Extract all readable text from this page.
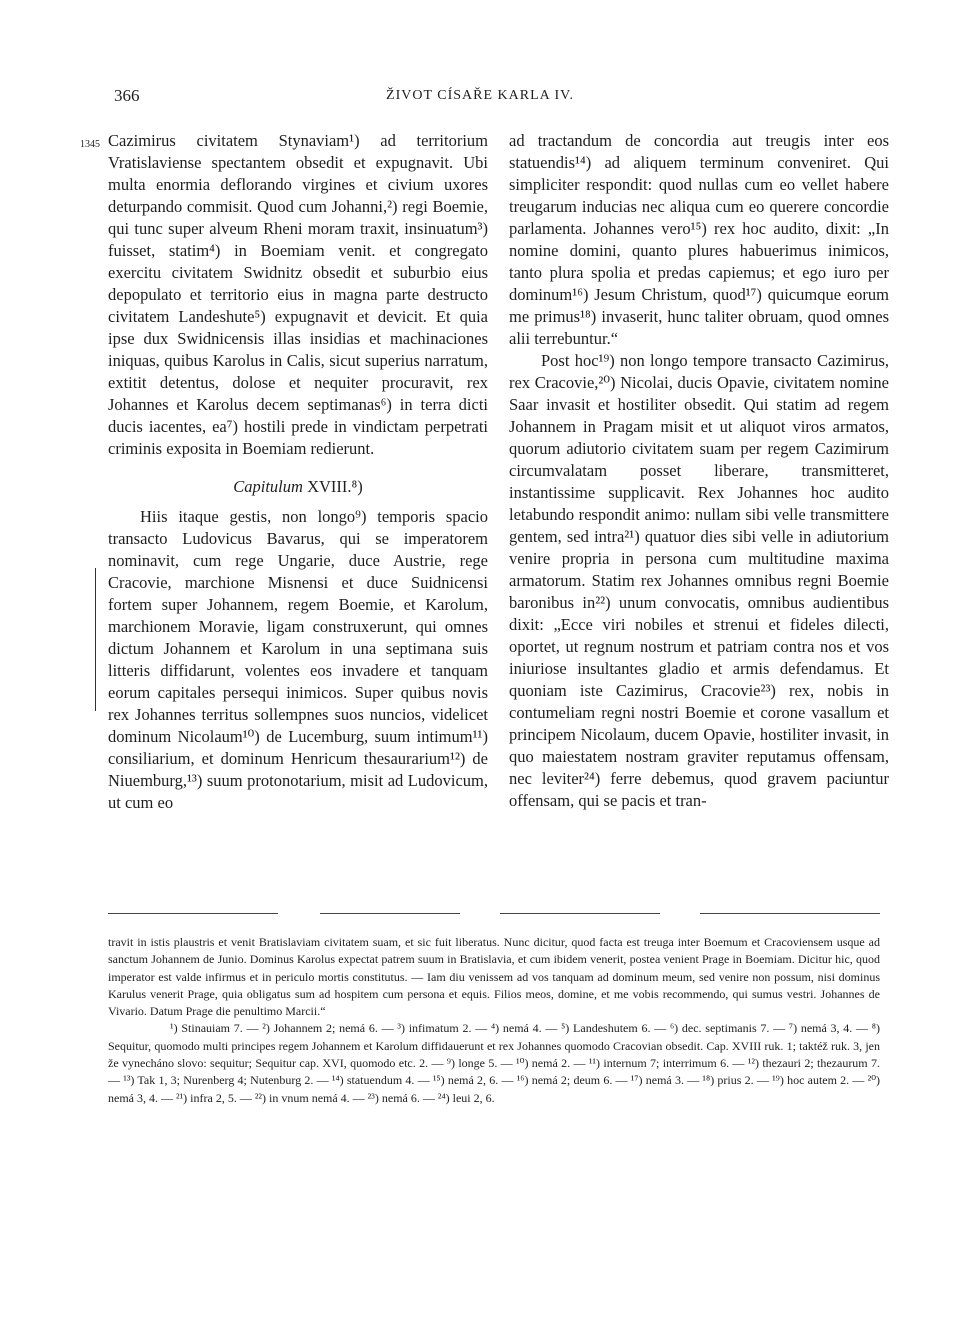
366	ŽIVOT CÍSAŘE KARLA IV.
1345 Cazimirus civitatem Stynaviam¹) ad territorium Vratislaviense spectantem obsedit et expugnavit. Ubi multa enormia deflorando virgines et civium uxores deturpando commisit. Quod cum Johanni,²) regi Boemie, qui tunc super alveum Rheni moram traxit, insinuatum³) fuisset, statim⁴) in Boemiam venit. et congregato exercitu civitatem Swidnitz obsedit et suburbio eius depopulato et territorio eius in magna parte destructo civitatem Landeshute⁵) expugnavit et devicit. Et quia ipse dux Swidnicensis illas insidias et machinaciones iniquas, quibus Karolus in Calis, sicut superius narratum, extitit detentus, dolose et nequiter procuravit, rex Johannes et Karolus decem septimanas⁶) in terra dicti ducis iacentes, ea⁷) hostili prede in vindictam perpetrati criminis exposita in Boemiam redierunt.

Capitulum XVIII.⁸)

Hiis itaque gestis, non longo⁹) temporis spacio transacto Ludovicus Bavarus, qui se imperatorem nominavit, cum rege Ungarie, duce Austrie, rege Cracovie, marchione Misnensi et duce Suidnicensi fortem super Johannem, regem Boemie, et Karolum, marchionem Moravie, ligam construxerunt, qui omnes dictum Johannem et Karolum in una septimana suis litteris diffidarunt, volentes eos invadere et tanquam eorum capitales persequi inimicos. Super quibus novis rex Johannes territus sollempnes suos nuncios, videlicet dominum Nicolaum¹⁰) de Lucemburg, suum intimum¹¹) consiliarium, et dominum Henricum thesaurarium¹²) de Niuemburg,¹³) suum protonotarium, misit ad Ludovicum, ut cum eo

ad tractandum de concordia aut treugis inter eos statuendis¹⁴) ad aliquem terminum conveniret. Qui simpliciter respondit: quod nullas cum eo vellet habere treugarum inducias nec aliqua cum eo querere concordie parlamenta. Johannes vero¹⁵) rex hoc audito, dixit: „In nomine domini, quanto plures habuerimus inimicos, tanto plura spolia et predas capiemus; et ego iuro per dominum¹⁶) Jesum Christum, quod¹⁷) quicumque eorum me primus¹⁸) invaserit, hunc taliter obruam, quod omnes alii terrebuntur.“

Post hoc¹⁹) non longo tempore transacto Cazimirus, rex Cracovie,²⁰) Nicolai, ducis Opavie, civitatem nomine Saar invasit et hostiliter obsedit. Qui statim ad regem Johannem in Pragam misit et ut aliquot viros armatos, quorum adiutorio civitatem suam per regem Cazimirum circumvalatam posset liberare, transmitteret, instantissime supplicavit. Rex Johannes hoc audito letabundo respondit animo: nullam sibi velle transmittere gentem, sed intra²¹) quatuor dies sibi velle in adiutorium venire propria in persona cum multitudine maxima armatorum. Statim rex Johannes omnibus regni Boemie baronibus in²²) unum convocatis, omnibus audientibus dixit: „Ecce viri nobiles et strenui et fideles dilecti, oportet, ut regnum nostrum et patriam contra nos et vos iniuriose insultantes gladio et armis defendamus. Et quoniam iste Cazimirus, Cracovie²³) rex, nobis in contumeliam regni nostri Boemie et corone vasallum et principem Nicolaum, ducem Opavie, hostiliter invasit, in quo maiestatem nostram graviter reputamus offensam, nec leviter²⁴) ferre debemus, quod gravem paciuntur offensam, qui se pacis et tran-

travit in istis plaustris et venit Bratislaviam civitatem suam, et sic fuit liberatus. Nunc dicitur, quod facta est treuga inter Boemum et Cracoviensem usque ad sanctum Johannem de Junio. Dominus Karolus expectat patrem suum in Bratislavia, et cum ibidem venerit, postea venient Prage in Boemiam. Dicitur hic, quod imperator est valde infirmus et in periculo mortis constitutus. — Iam diu venissem ad vos tanquam ad dominum meum, sed venire non possum, nisi dominus Karulus venerit Prage, quia obligatus sum ad hospitem cum persona et equis. Filios meos, domine, et me vobis recommendo, qui sumus vestri. Johannes de Vivario. Datum Prage die penultimo Marcii.“

¹) Stinauiam 7. — ²) Johannem 2; nemá 6. — ³) infimatum 2. — ⁴) nemá 4. — ⁵) Landeshutem 6. — ⁶) dec. septimanis 7. — ⁷) nemá 3, 4. — ⁸) Sequitur, quomodo multi principes regem Johannem et Karolum diffidauerunt et rex Johannes quomodo Cracovian obsedit. Cap. XVIII ruk. 1; taktéž ruk. 3, jen že vynecháno slovo: sequitur; Sequitur cap. XVI, quomodo etc. 2. — ⁹) longe 5. — ¹⁰) nemá 2. — ¹¹) internum 7; interrimum 6. — ¹²) thezauri 2; thezaurum 7. — ¹³) Tak 1, 3; Nurenberg 4; Nutenburg 2. — ¹⁴) statuendum 4. — ¹⁵) nemá 2, 6. — ¹⁶) nemá 2; deum 6. — ¹⁷) nemá 3. — ¹⁸) prius 2. — ¹⁹) hoc autem 2. — ²⁰) nemá 3, 4. — ²¹) infra 2, 5. — ²²) in vnum nemá 4. — ²³) nemá 6. — ²⁴) leui 2, 6.
